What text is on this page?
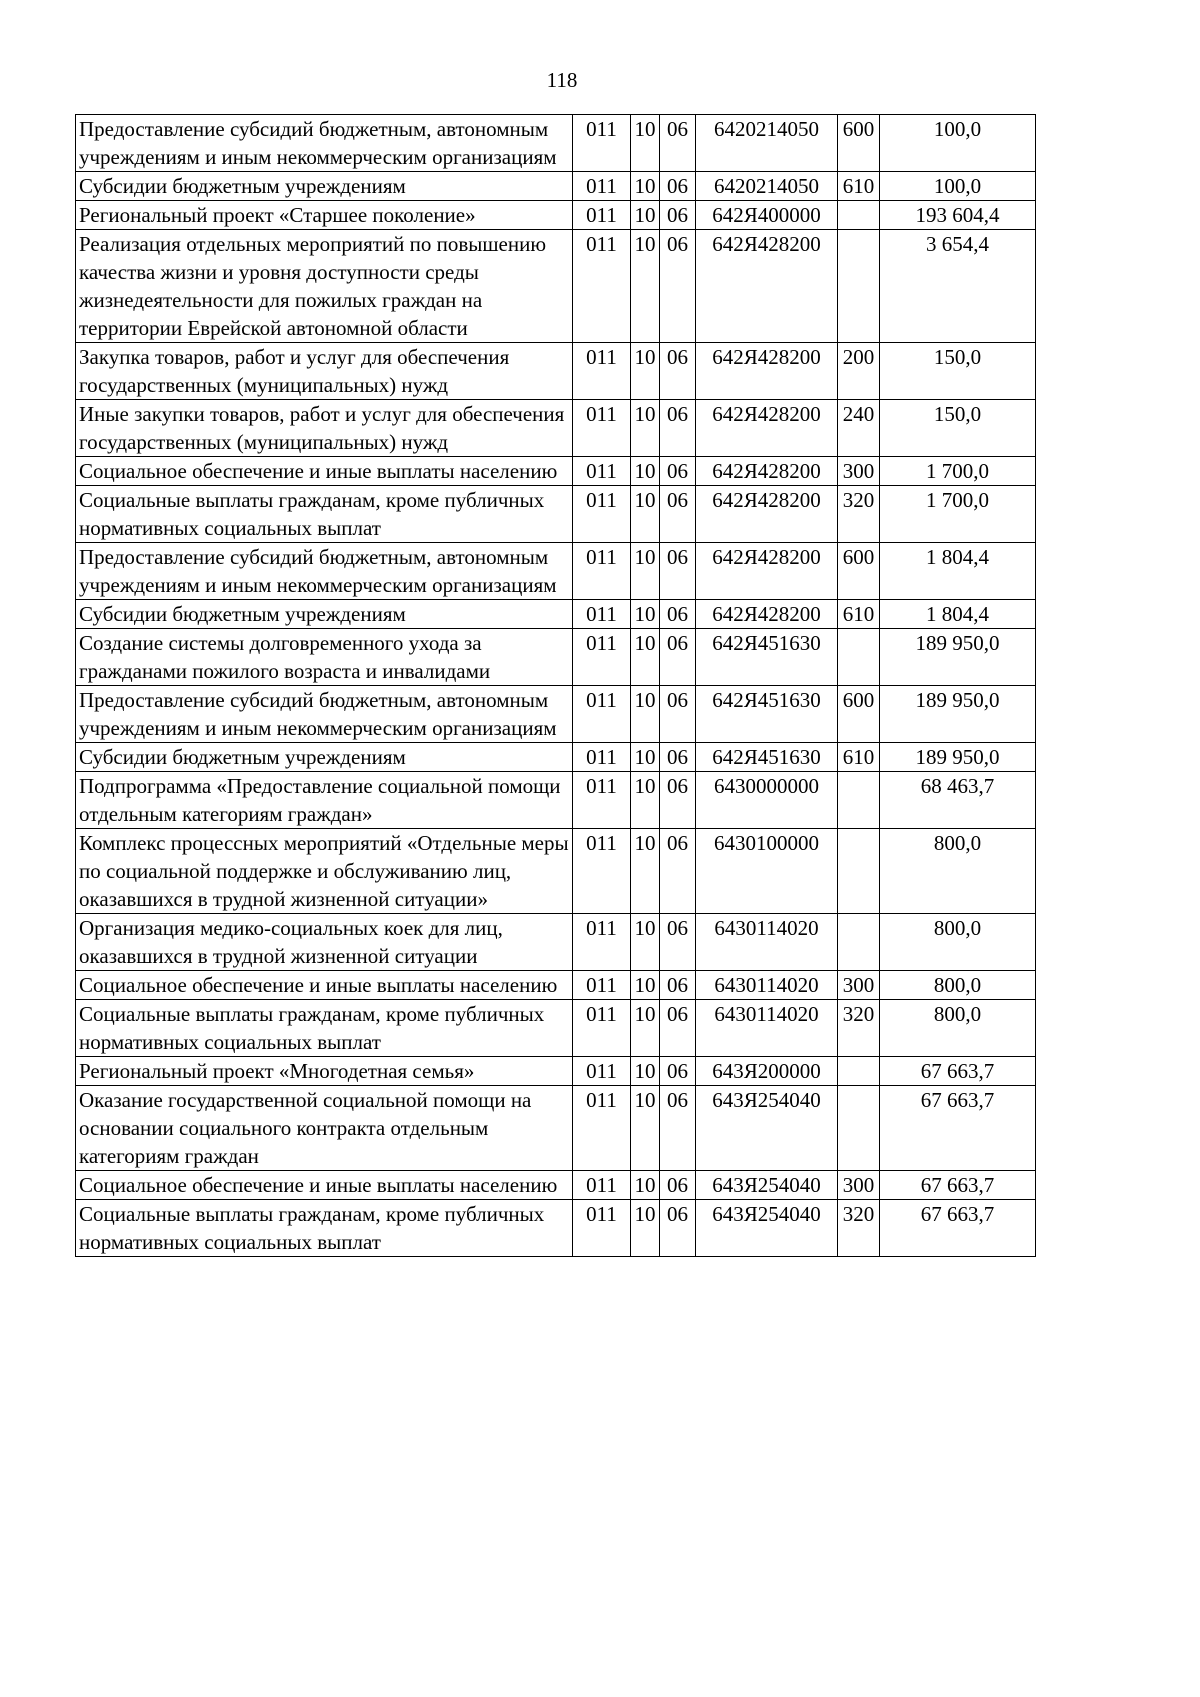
118
Предоставление субсидий бюджетным, автономным учреждениям и иным некоммерческим организациям	011	10	06	6420214050	600	100,0
Субсидии бюджетным учреждениям	011	10	06	6420214050	610	100,0
Региональный проект «Старшее поколение»	011	10	06	642Я400000		193 604,4
Реализация отдельных мероприятий по повышению качества жизни и уровня доступности среды жизнедеятельности для пожилых граждан на территории Еврейской автономной области	011	10	06	642Я428200		3 654,4
Закупка товаров, работ и услуг для обеспечения государственных (муниципальных) нужд	011	10	06	642Я428200	200	150,0
Иные закупки товаров, работ и услуг для обеспечения государственных (муниципальных) нужд	011	10	06	642Я428200	240	150,0
Социальное обеспечение и иные выплаты населению	011	10	06	642Я428200	300	1 700,0
Социальные выплаты гражданам, кроме публичных нормативных социальных выплат	011	10	06	642Я428200	320	1 700,0
Предоставление субсидий бюджетным, автономным учреждениям и иным некоммерческим организациям	011	10	06	642Я428200	600	1 804,4
Субсидии бюджетным учреждениям	011	10	06	642Я428200	610	1 804,4
Создание системы долговременного ухода за гражданами пожилого возраста и инвалидами	011	10	06	642Я451630		189 950,0
Предоставление субсидий бюджетным, автономным учреждениям и иным некоммерческим организациям	011	10	06	642Я451630	600	189 950,0
Субсидии бюджетным учреждениям	011	10	06	642Я451630	610	189 950,0
Подпрограмма «Предоставление социальной помощи отдельным категориям граждан»	011	10	06	6430000000		68 463,7
Комплекс процессных мероприятий «Отдельные меры по социальной поддержке и обслуживанию лиц, оказавшихся в трудной жизненной ситуации»	011	10	06	6430100000		800,0
Организация медико-социальных коек для лиц, оказавшихся в трудной жизненной ситуации	011	10	06	6430114020		800,0
Социальное обеспечение и иные выплаты населению	011	10	06	6430114020	300	800,0
Социальные выплаты гражданам, кроме публичных нормативных социальных выплат	011	10	06	6430114020	320	800,0
Региональный проект «Многодетная семья»	011	10	06	643Я200000		67 663,7
Оказание государственной социальной помощи на основании социального контракта отдельным категориям граждан	011	10	06	643Я254040		67 663,7
Социальное обеспечение и иные выплаты населению	011	10	06	643Я254040	300	67 663,7
Социальные выплаты гражданам, кроме публичных нормативных социальных выплат	011	10	06	643Я254040	320	67 663,7
